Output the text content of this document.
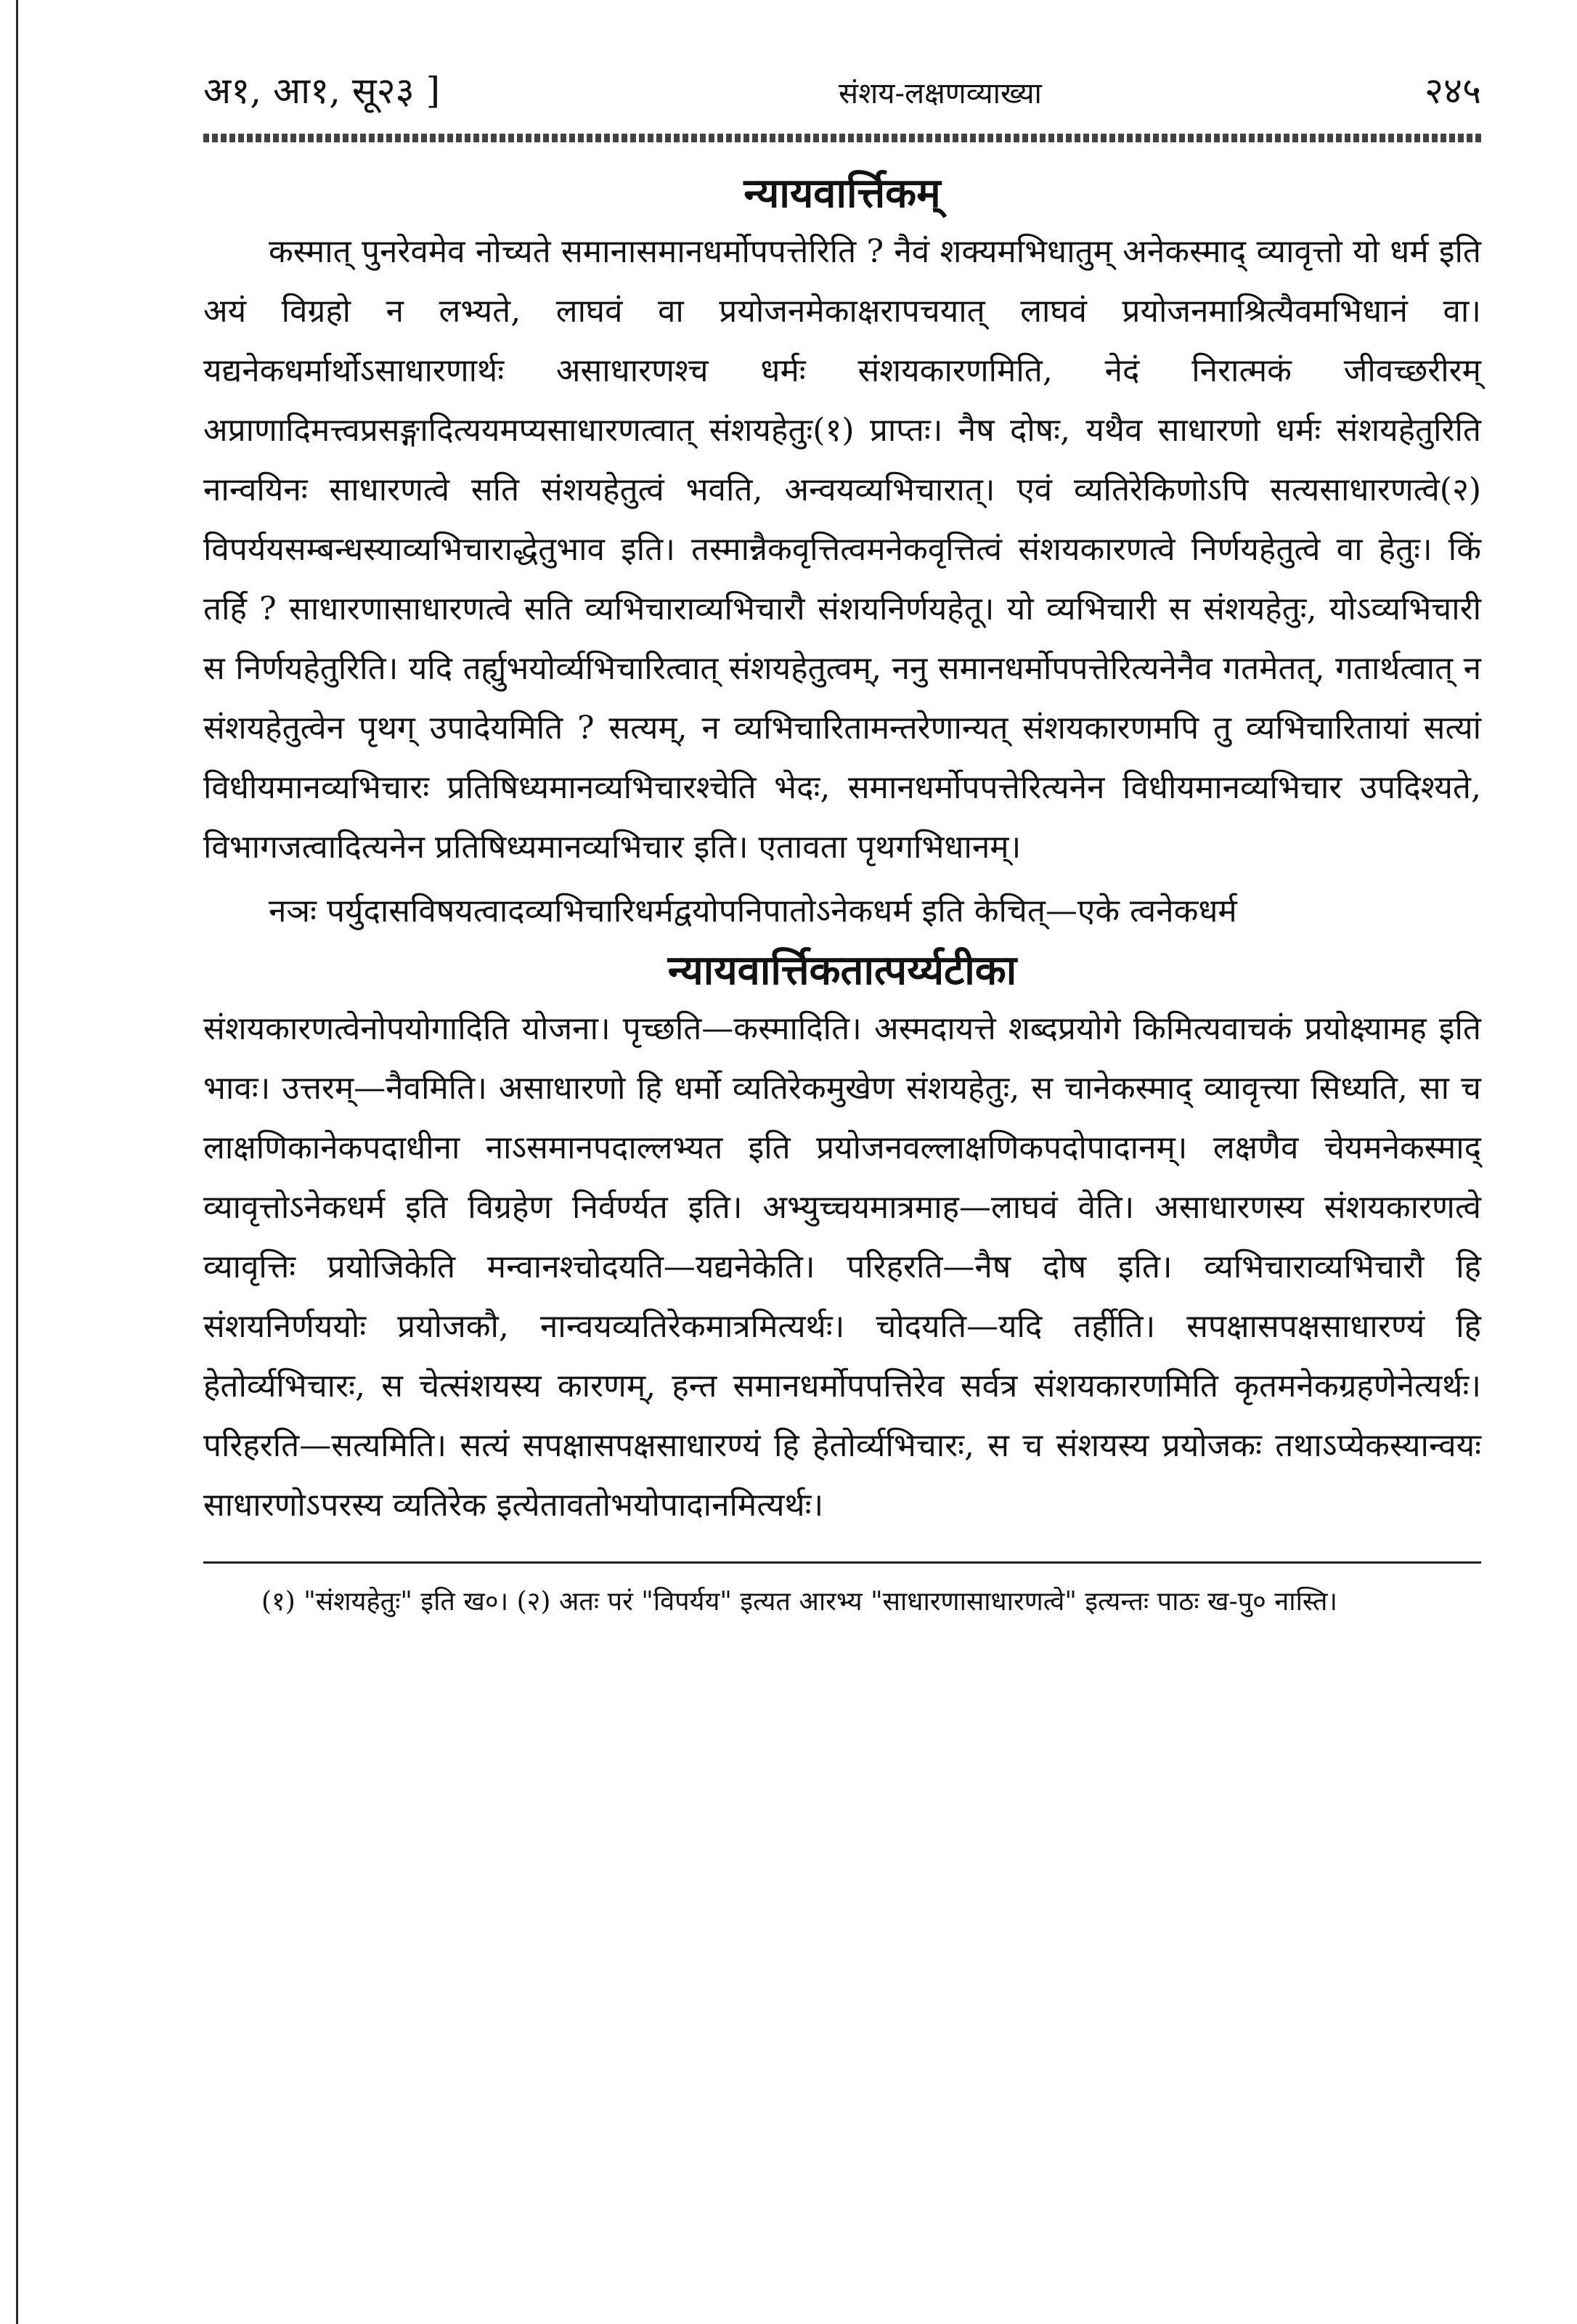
अ१, आ१, सू२३ ]	संशय-लक्षणव्याख्या	२४५
न्यायवार्त्तिकम्

कस्मात् पुनरेवमेव नोच्यते समानासमानधर्मोपपत्तेरिति ? नैवं शक्यमभिधातुम् अनेकस्माद् व्यावृत्तो यो धर्म इति अयं विग्रहो न लभ्यते, लाघवं वा प्रयोजनमेकाक्षरापचयात् लाघवं प्रयोजनमाश्रित्यैवमभिधानं वा। यद्यनेकधर्मार्थोऽसाधारणार्थः असाधारणश्च धर्मः संशयकारणमिति, नेदं निरात्मकं जीवच्छरीरम् अप्राणादिमत्त्वप्रसङ्गादित्ययमप्यसाधारणत्वात् संशयहेतुः(१) प्राप्तः। नैष दोषः, यथैव साधारणो धर्मः संशयहेतुरिति नान्वयिनः साधारणत्वे सति संशयहेतुत्वं भवति, अन्वयव्यभिचारात्। एवं व्यतिरेकिणोऽपि सत्यसाधारणत्वे(२) विपर्ययसम्बन्धस्याव्यभिचाराद्धेतुभाव इति। तस्मान्नैकवृत्तित्वमनेकवृत्तित्वं संशयकारणत्वे निर्णयहेतुत्वे वा हेतुः। किं तर्हि ? साधारणासाधारणत्वे सति व्यभिचाराव्यभिचारौ संशयनिर्णयहेतू। यो व्यभिचारी स संशयहेतुः, योऽव्यभिचारी स निर्णयहेतुरिति। यदि तर्ह्युभयोर्व्यभिचारित्वात् संशयहेतुत्वम्, ननु समानधर्मोपपत्तेरित्यनेनैव गतमेतत्, गतार्थत्वात् न संशयहेतुत्वेन पृथग् उपादेयमिति ? सत्यम्, न व्यभिचारितामन्तरेणान्यत् संशयकारणमपि तु व्यभिचारितायां सत्यां विधीयमानव्यभिचारः प्रतिषिध्यमानव्यभिचारश्चेति भेदः, समानधर्मोपपत्तेरित्यनेन विधीयमानव्यभिचार उपदिश्यते, विभागजत्वादित्यनेन प्रतिषिध्यमानव्यभिचार इति। एतावता पृथगभिधानम्।

नञः पर्युदासविषयत्वादव्यभिचारिधर्मद्वयोपनिपातोऽनेकधर्म इति केचित्—एके त्वनेकधर्म

न्यायवार्त्तिकतात्पर्य्यटीका

संशयकारणत्वेनोपयोगादिति योजना। पृच्छति—कस्मादिति। अस्मदायत्ते शब्दप्रयोगे किमित्यवाचकं प्रयोक्ष्यामह इति भावः। उत्तरम्—नैवमिति। असाधारणो हि धर्मो व्यतिरेकमुखेण संशयहेतुः, स चानेकस्माद् व्यावृत्त्या सिध्यति, सा च लाक्षणिकानेकपदाधीना नाऽसमानपदाल्लभ्यत इति प्रयोजनवल्लाक्षणिकपदोपादानम्। लक्षणैव चेयमनेकस्माद् व्यावृत्तोऽनेकधर्म इति विग्रहेण निर्वर्ण्यत इति। अभ्युच्चयमात्रमाह—लाघवं वेति। असाधारणस्य संशयकारणत्वे व्यावृत्तिः प्रयोजिकेति मन्वानश्चोदयति—यद्यनेकेति। परिहरति—नैष दोष इति। व्यभिचाराव्यभिचारौ हि संशयनिर्णययोः प्रयोजकौ, नान्वयव्यतिरेकमात्रमित्यर्थः। चोदयति—यदि तर्हीति। सपक्षासपक्षसाधारण्यं हि हेतोर्व्यभिचारः, स चेत्संशयस्य कारणम्, हन्त समानधर्मोपपत्तिरेव सर्वत्र संशयकारणमिति कृतमनेकग्रहणेनेत्यर्थः। परिहरति—सत्यमिति। सत्यं सपक्षासपक्षसाधारण्यं हि हेतोर्व्यभिचारः, स च संशयस्य प्रयोजकः तथाऽप्येकस्यान्वयः साधारणोऽपरस्य व्यतिरेक इत्येतावतोभयोपादानमित्यर्थः।

(१) "संशयहेतुः" इति ख०। (२) अतः परं "विपर्यय" इत्यत आरभ्य "साधारणासाधारणत्वे" इत्यन्तः पाठः ख-पु० नास्ति।
